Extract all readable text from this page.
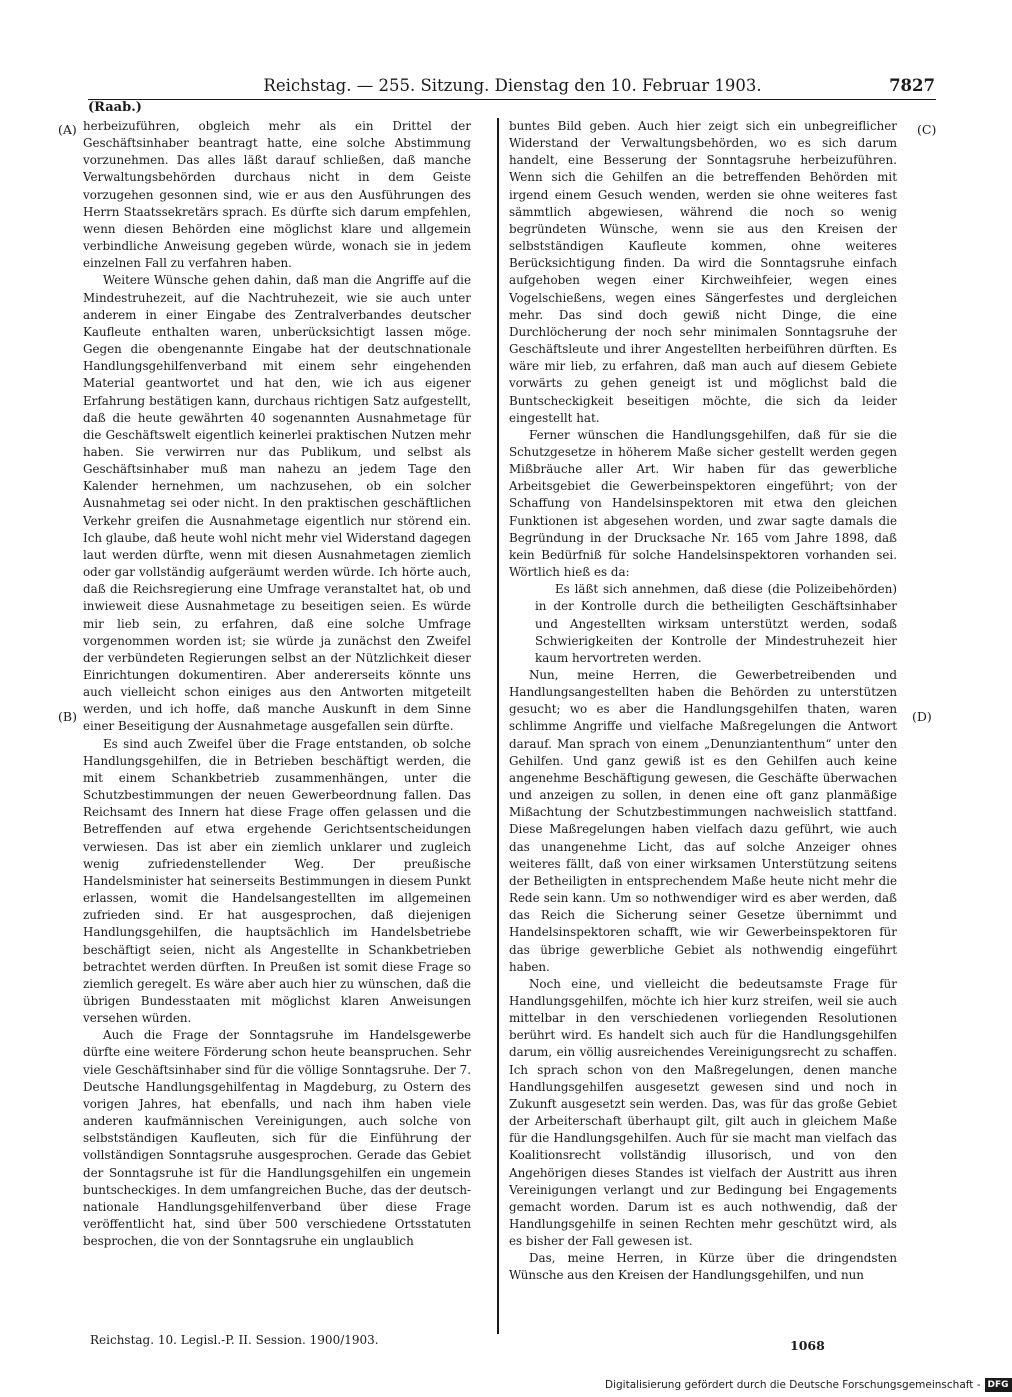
Reichstag. — 255. Sitzung. Dienstag den 10. Februar 1903.	7827
(Raab.)
(A)
(B)
(C)
(D)

herbeizuführen, obgleich mehr als ein Drittel der Geschäftsinhaber beantragt hatte, eine solche Abstimmung vorzunehmen. Das alles läßt darauf schließen, daß manche Verwaltungsbehörden durchaus nicht in dem Geiste vorzugehen gesonnen sind, wie er aus den Ausführungen des Herrn Staatssekretärs sprach. Es dürfte sich darum empfehlen, wenn diesen Behörden eine möglichst klare und allgemein verbindliche Anweisung gegeben würde, wonach sie in jedem einzelnen Fall zu verfahren haben.

Weitere Wünsche gehen dahin, daß man die Angriffe auf die Mindestruhezeit, auf die Nachtruhezeit, wie sie auch unter anderem in einer Eingabe des Zentralverbandes deutscher Kaufleute enthalten waren, unberücksichtigt lassen möge. Gegen die obengenannte Eingabe hat der deutschnationale Handlungsgehilfenverband mit einem sehr eingehenden Material geantwortet und hat den, wie ich aus eigener Erfahrung bestätigen kann, durchaus richtigen Satz aufgestellt, daß die heute gewährten 40 sogenannten Ausnahmetage für die Geschäftswelt eigentlich keinerlei praktischen Nutzen mehr haben. Sie verwirren nur das Publikum, und selbst als Geschäftsinhaber muß man nahezu an jedem Tage den Kalender hernehmen, um nachzusehen, ob ein solcher Ausnahmetag sei oder nicht. In den praktischen geschäftlichen Verkehr greifen die Ausnahmetage eigentlich nur störend ein. Ich glaube, daß heute wohl nicht mehr viel Widerstand dagegen laut werden dürfte, wenn mit diesen Ausnahmetagen ziemlich oder gar vollständig aufgeräumt werden würde. Ich hörte auch, daß die Reichsregierung eine Umfrage veranstaltet hat, ob und inwieweit diese Ausnahmetage zu beseitigen seien. Es würde mir lieb sein, zu erfahren, daß eine solche Umfrage vorgenommen worden ist; sie würde ja zunächst den Zweifel der verbündeten Regierungen selbst an der Nützlichkeit dieser Einrichtungen dokumentiren. Aber andererseits könnte uns auch vielleicht schon einiges aus den Antworten mitgeteilt werden, und ich hoffe, daß manche Auskunft in dem Sinne einer Beseitigung der Ausnahmetage ausgefallen sein dürfte.

Es sind auch Zweifel über die Frage entstanden, ob solche Handlungsgehilfen, die in Betrieben beschäftigt werden, die mit einem Schankbetrieb zusammenhängen, unter die Schutzbestimmungen der neuen Gewerbeordnung fallen. Das Reichsamt des Innern hat diese Frage offen gelassen und die Betreffenden auf etwa ergehende Gerichtsentscheidungen verwiesen. Das ist aber ein ziemlich unklarer und zugleich wenig zufriedenstellender Weg. Der preußische Handelsminister hat seinerseits Bestimmungen in diesem Punkt erlassen, womit die Handelsangestellten im allgemeinen zufrieden sind. Er hat ausgesprochen, daß diejenigen Handlungsgehilfen, die hauptsächlich im Handelsbetriebe beschäftigt seien, nicht als Angestellte in Schankbetrieben betrachtet werden dürften. In Preußen ist somit diese Frage so ziemlich geregelt. Es wäre aber auch hier zu wünschen, daß die übrigen Bundesstaaten mit möglichst klaren Anweisungen versehen würden.

Auch die Frage der Sonntagsruhe im Handelsgewerbe dürfte eine weitere Förderung schon heute beanspruchen. Sehr viele Geschäftsinhaber sind für die völlige Sonntagsruhe. Der 7. Deutsche Handlungsgehilfentag in Magdeburg, zu Ostern des vorigen Jahres, hat ebenfalls, und nach ihm haben viele anderen kaufmännischen Vereinigungen, auch solche von selbstständigen Kaufleuten, sich für die Einführung der vollständigen Sonntagsruhe ausgesprochen. Gerade das Gebiet der Sonntagsruhe ist für die Handlungsgehilfen ein ungemein buntscheckiges. In dem umfangreichen Buche, das der deutsch-nationale Handlungsgehilfenverband über diese Frage veröffentlicht hat, sind über 500 verschiedene Ortsstatuten besprochen, die von der Sonntagsruhe ein unglaublich

buntes Bild geben. Auch hier zeigt sich ein unbegreiflicher Widerstand der Verwaltungsbehörden, wo es sich darum handelt, eine Besserung der Sonntagsruhe herbeizuführen. Wenn sich die Gehilfen an die betreffenden Behörden mit irgend einem Gesuch wenden, werden sie ohne weiteres fast sämmtlich abgewiesen, während die noch so wenig begründeten Wünsche, wenn sie aus den Kreisen der selbstständigen Kaufleute kommen, ohne weiteres Berücksichtigung finden. Da wird die Sonntagsruhe einfach aufgehoben wegen einer Kirchweihfeier, wegen eines Vogelschießens, wegen eines Sängerfestes und dergleichen mehr. Das sind doch gewiß nicht Dinge, die eine Durchlöcherung der noch sehr minimalen Sonntagsruhe der Geschäftsleute und ihrer Angestellten herbeiführen dürften. Es wäre mir lieb, zu erfahren, daß man auch auf diesem Gebiete vorwärts zu gehen geneigt ist und möglichst bald die Buntscheckigkeit beseitigen möchte, die sich da leider eingestellt hat.

Ferner wünschen die Handlungsgehilfen, daß für sie die Schutzgesetze in höherem Maße sicher gestellt werden gegen Mißbräuche aller Art. Wir haben für das gewerbliche Arbeitsgebiet die Gewerbeinspektoren eingeführt; von der Schaffung von Handelsinspektoren mit etwa den gleichen Funktionen ist abgesehen worden, und zwar sagte damals die Begründung in der Drucksache Nr. 165 vom Jahre 1898, daß kein Bedürfniß für solche Handelsinspektoren vorhanden sei. Wörtlich hieß es da:

Es läßt sich annehmen, daß diese (die Polizeibehörden) in der Kontrolle durch die betheiligten Geschäftsinhaber und Angestellten wirksam unterstützt werden, sodaß Schwierigkeiten der Kontrolle der Mindestruhezeit hier kaum hervortreten werden.

Nun, meine Herren, die Gewerbetreibenden und Handlungsangestellten haben die Behörden zu unterstützen gesucht; wo es aber die Handlungsgehilfen thaten, waren schlimme Angriffe und vielfache Maßregelungen die Antwort darauf. Man sprach von einem „Denunziantenthum“ unter den Gehilfen. Und ganz gewiß ist es den Gehilfen auch keine angenehme Beschäftigung gewesen, die Geschäfte überwachen und anzeigen zu sollen, in denen eine oft ganz planmäßige Mißachtung der Schutzbestimmungen nachweislich stattfand. Diese Maßregelungen haben vielfach dazu geführt, wie auch das unangenehme Licht, das auf solche Anzeiger ohnes weiteres fällt, daß von einer wirksamen Unterstützung seitens der Betheiligten in entsprechendem Maße heute nicht mehr die Rede sein kann. Um so nothwendiger wird es aber werden, daß das Reich die Sicherung seiner Gesetze übernimmt und Handelsinspektoren schafft, wie wir Gewerbeinspektoren für das übrige gewerbliche Gebiet als nothwendig eingeführt haben.

Noch eine, und vielleicht die bedeutsamste Frage für Handlungsgehilfen, möchte ich hier kurz streifen, weil sie auch mittelbar in den verschiedenen vorliegenden Resolutionen berührt wird. Es handelt sich auch für die Handlungsgehilfen darum, ein völlig ausreichendes Vereinigungsrecht zu schaffen. Ich sprach schon von den Maßregelungen, denen manche Handlungsgehilfen ausgesetzt gewesen sind und noch in Zukunft ausgesetzt sein werden. Das, was für das große Gebiet der Arbeiterschaft überhaupt gilt, gilt auch in gleichem Maße für die Handlungsgehilfen. Auch für sie macht man vielfach das Koalitionsrecht vollständig illusorisch, und von den Angehörigen dieses Standes ist vielfach der Austritt aus ihren Vereinigungen verlangt und zur Bedingung bei Engagements gemacht worden. Darum ist es auch nothwendig, daß der Handlungsgehilfe in seinen Rechten mehr geschützt wird, als es bisher der Fall gewesen ist.

Das, meine Herren, in Kürze über die dringendsten Wünsche aus den Kreisen der Handlungsgehilfen, und nun

Reichstag. 10. Legisl.-P. II. Session. 1900/1903.	1068
Digitalisierung gefördert durch die Deutsche Forschungsgemeinschaft - DFG
